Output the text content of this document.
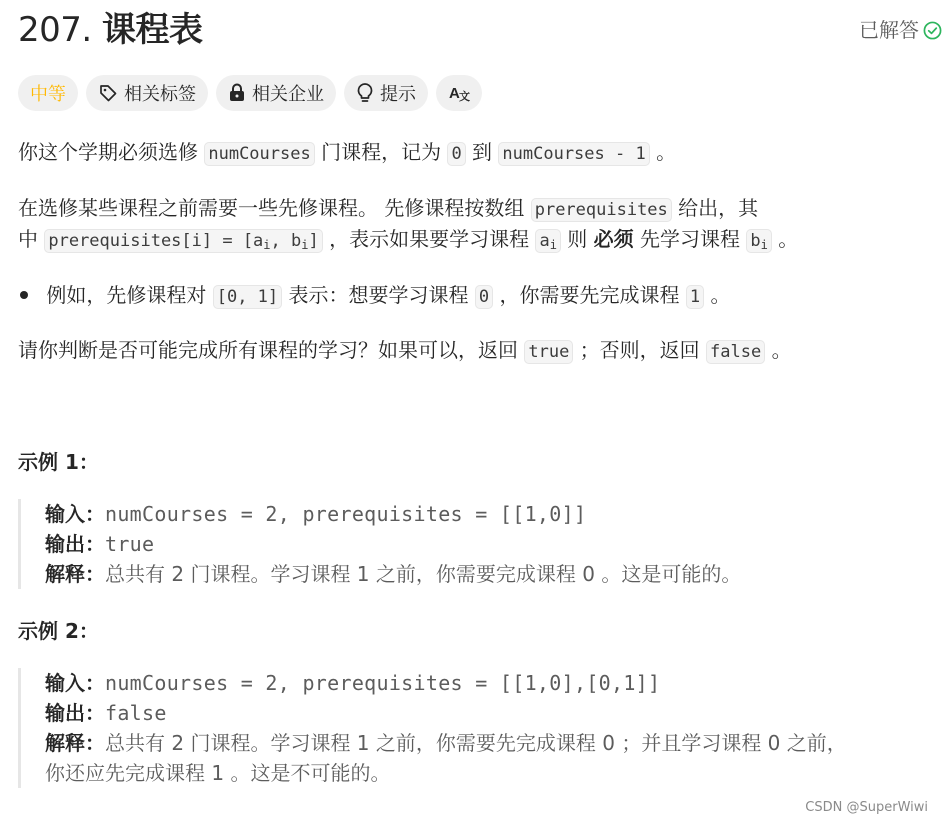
207. 课程表	已解答
中等	相关标签	相关企业	提示 A 文
你这个学期必须选修 numCourses 门课程，记为 0 到 numCourses - 1 。
在选修某些课程之前需要一些先修课程。 先修课程按数组 prerequisites 给出，其
中 prerequisites[i] = [$a_i$, $b_i$] ，表示如果要学习课程 $a_i$ 则 必须 先学习课程 $b_i$ 。
例如，先修课程对 [0, 1] 表示：想要学习课程 0 ，你需要先完成课程 1 。
请你判断是否可能完成所有课程的学习？如果可以，返回 true ；否则，返回 false 。
示例 1：
输入：numCourses = 2, prerequisites = [[1,0]]
输出：true
解释：总共有 2 门课程。学习课程 1 之前，你需要完成课程 0 。这是可能的。
示例 2：
输入：numCourses = 2, prerequisites = [[1,0],[0,1]]
输出：false
解释：总共有 2 门课程。学习课程 1 之前，你需要先完成课程 0 ；并且学习课程 0 之前，
你还应先完成课程 1 。这是不可能的。
CSDN @SuperWiwi
